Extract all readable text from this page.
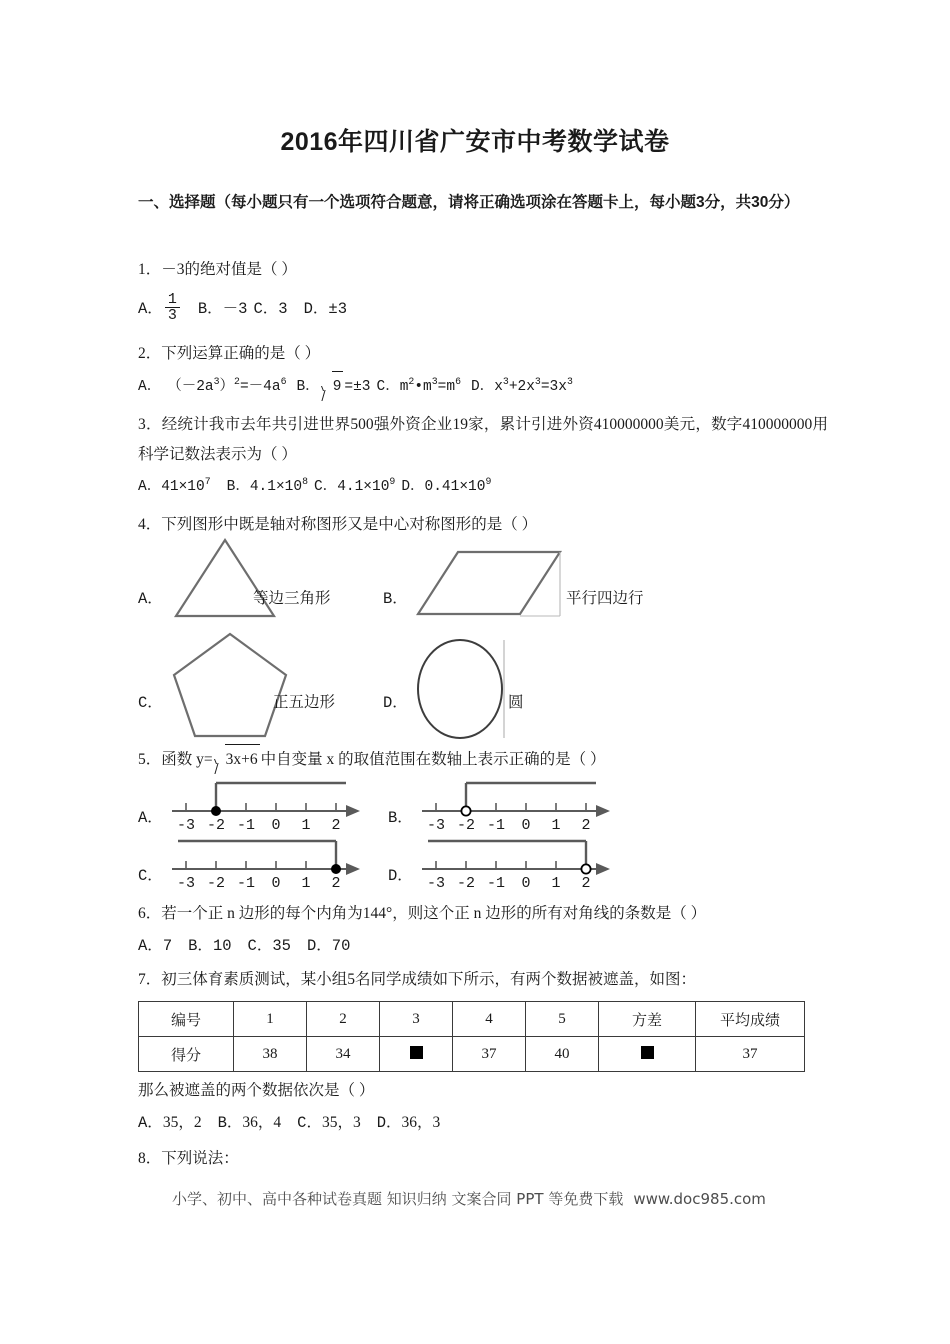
2016年四川省广安市中考数学试卷
一、选择题（每小题只有一个选项符合题意，请将正确选项涂在答题卡上，每小题3分，共30分）
1．－3的绝对值是（ ）
A． $\frac{1}{3}$ B．－3 C．3 D．±3
2．下列运算正确的是（ ）
A． $(-2a^3)^2=-4a^6$ B． 9 =±3 C．$m^2•m^3=m^6$ D．$x^3+2x^3=3x^3$
3．经统计我市去年共引进世界500强外资企业19家，累计引进外资410000000美元，数字410000000用科学记数法表示为（ ）
A．$41\times 10^7$ B．$4.1\times 10^8$ C．$4.1\times 10^9$ D．$0.41\times 10^9$
4．下列图形中既是轴对称图形又是中心对称图形的是（ ）
A．	等边三角形	B．	平行四边行
C．	正五边形	D．	圆
5．函数 y= 3x+6 中自变量 x 的取值范围在数轴上表示正确的是（ ）
A． -3 -2 -1 0 1 2	B． -3 -2 -1 0 1 2
C． -3 -2 -1 0 1 2	D． -3 -2 -1 0 1 2
6．若一个正 n 边形的每个内角为144°，则这个正 n 边形的所有对角线的条数是（ ）
A．7 B．10 C．35 D．70
7．初三体育素质测试，某小组5名同学成绩如下所示，有两个数据被遮盖，如图：
编号	1	2	3	4	5	方差	平均成绩
得分	38	34		37	40		37
那么被遮盖的两个数据依次是（ ）
A．35，2 B．36，4 C．35，3 D．36，3
8．下列说法：
小学、初中、高中各种试卷真题 知识归纳 文案合同 PPT 等免费下载 www.doc985.com
